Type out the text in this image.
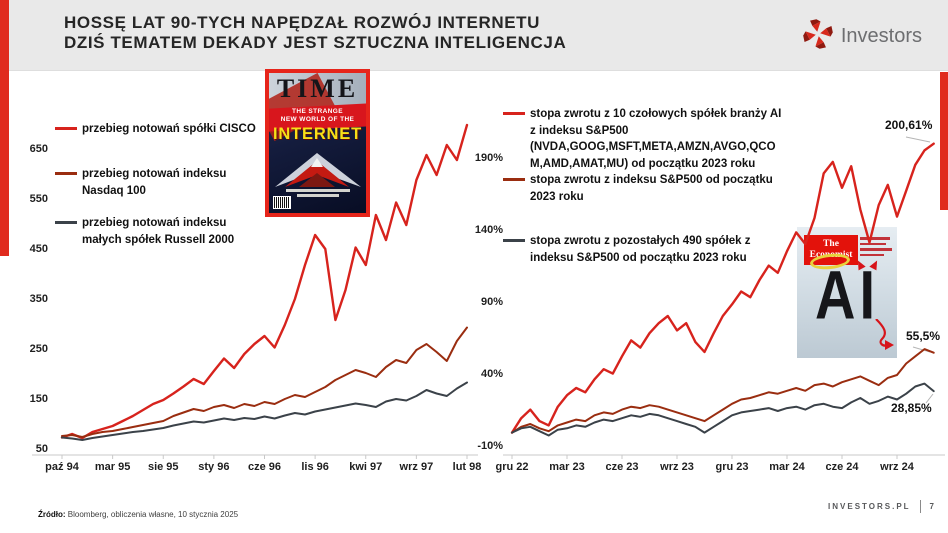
HOSSĘ LAT 90-TYCH NAPĘDZAŁ ROZWÓJ INTERNETU
DZIŚ TEMATEM DEKADY JEST SZTUCZNA INTELIGENCJA	Investors
650
550
450
350
250
150
50
190%
140%
90%
40%
-10%
paź 94 mar 95 sie 95 sty 96 cze 96 lis 96 kwi 97 wrz 97 lut 98 gru 22 mar 23 cze 23 wrz 23 gru 23 mar 24 cze 24 wrz 24
przebieg notowań spółki CISCO
przebieg notowań indeksu
Nasdaq 100
przebieg notowań indeksu
małych spółek Russell 2000
stopa zwrotu z 10 czołowych spółek branży AI
z indeksu S&P500
(NVDA,GOOG,MSFT,META,AMZN,AVGO,QCO
M,AMD,AMAT,MU) od początku 2023 roku
stopa zwrotu z indeksu S&P500 od początku
2023 roku
stopa zwrotu z pozostałych 490 spółek z
indeksu S&P500 od początku 2023 roku
200,61%
55,5%
28,85%
TIME
THE STRANGE
NEW WORLD OF THE
INTERNET
The
Economist
AI
Źródło: Bloomberg, obliczenia własne, 10 stycznia 2025
INVESTORS.PL 7
